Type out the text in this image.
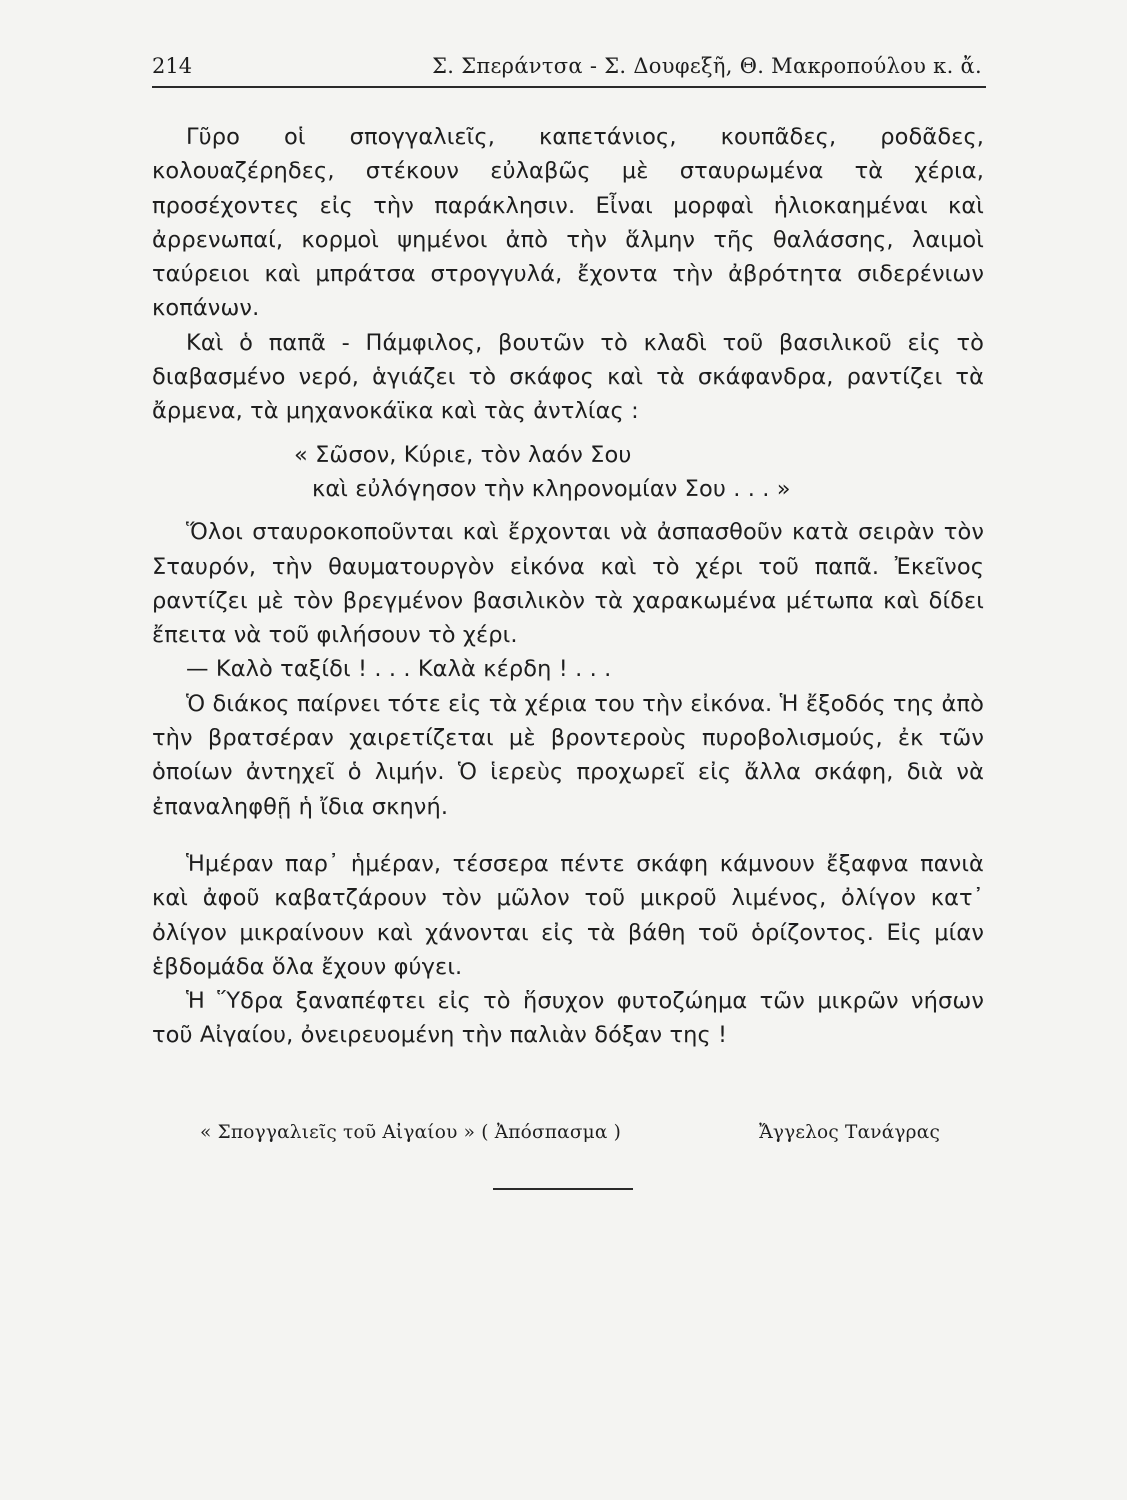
214	Σ. Σπεράντσα - Σ. Δουφεξῆ, Θ. Μακροπούλου κ. ἄ.

Γῦρο οἱ σπογγαλιεῖς, καπετάνιος, κουπᾶδες, ροδᾶδες, κολουαζέρηδες, στέκουν εὐλαβῶς μὲ σταυρωμένα τὰ χέρια, προσέχοντες εἰς τὴν παράκλησιν. Εἶναι μορφαὶ ἡλιοκαημέναι καὶ ἀρρενωπαί, κορμοὶ ψημένοι ἀπὸ τὴν ἅλμην τῆς θαλάσσης, λαιμοὶ ταύρειοι καὶ μπράτσα στρογγυλά, ἔχοντα τὴν ἀβρότητα σιδερένιων κοπάνων.

Καὶ ὁ παπᾶ - Πάμφιλος, βουτῶν τὸ κλαδὶ τοῦ βασιλικοῦ εἰς τὸ διαβασμένο νερό, ἁγιάζει τὸ σκάφος καὶ τὰ σκάφανδρα, ραντίζει τὰ ἄρμενα, τὰ μηχανοκάϊκα καὶ τὰς ἀντλίας :

« Σῶσον, Κύριε, τὸν λαόν Σου
καὶ εὐλόγησον τὴν κληρονομίαν Σου . . . »

Ὅλοι σταυροκοποῦνται καὶ ἔρχονται νὰ ἀσπασθοῦν κατὰ σειρὰν τὸν Σταυρόν, τὴν θαυματουργὸν εἰκόνα καὶ τὸ χέρι τοῦ παπᾶ. Ἐκεῖνος ραντίζει μὲ τὸν βρεγμένον βασιλικὸν τὰ χαρακωμένα μέτωπα καὶ δίδει ἔπειτα νὰ τοῦ φιλήσουν τὸ χέρι.

— Καλὸ ταξίδι ! . . . Καλὰ κέρδη ! . . .

Ὁ διάκος παίρνει τότε εἰς τὰ χέρια του τὴν εἰκόνα. Ἡ ἔξοδός της ἀπὸ τὴν βρατσέραν χαιρετίζεται μὲ βροντεροὺς πυροβολισμούς, ἐκ τῶν ὁποίων ἀντηχεῖ ὁ λιμήν. Ὁ ἱερεὺς προχωρεῖ εἰς ἄλλα σκάφη, διὰ νὰ ἐπαναληφθῇ ἡ ἴδια σκηνή.

Ἡμέραν παρ᾽ ἡμέραν, τέσσερα πέντε σκάφη κάμνουν ἔξαφνα πανιὰ καὶ ἀφοῦ καβατζάρουν τὸν μῶλον τοῦ μικροῦ λιμένος, ὀλίγον κατ᾽ ὀλίγον μικραίνουν καὶ χάνονται εἰς τὰ βάθη τοῦ ὁρίζοντος. Εἰς μίαν ἑβδομάδα ὅλα ἔχουν φύγει.

Ἡ Ὕδρα ξαναπέφτει εἰς τὸ ἥσυχον φυτοζώημα τῶν μικρῶν νήσων τοῦ Αἰγαίου, ὀνειρευομένη τὴν παλιὰν δόξαν της !

« Σπογγαλιεῖς τοῦ Αἰγαίου » ( Ἀπόσπασμα )	Ἄγγελος Τανάγρας
